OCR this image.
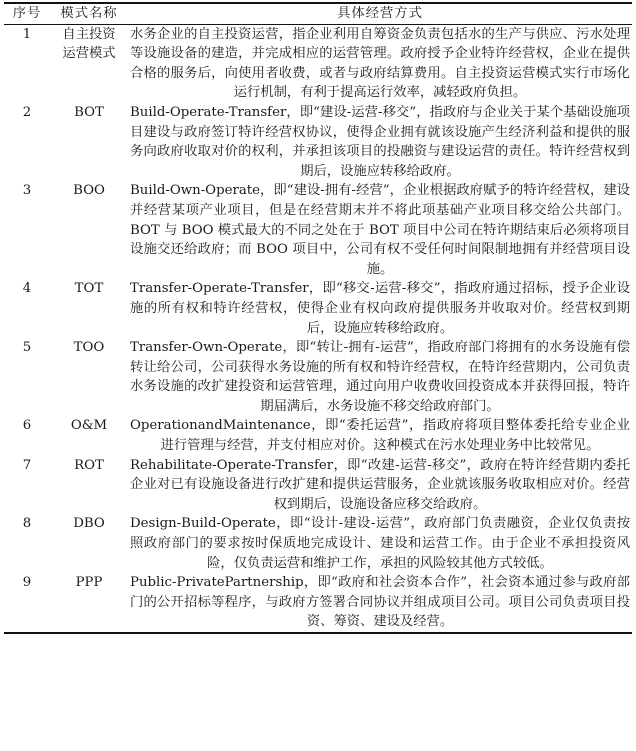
序号	模式名称	具体经营方式
1	自主投资运营模式	水务企业的自主投资运营，指企业利用自筹资金负责包括水的生产与供应、污水处理等设施设备的建造，并完成相应的运营管理。政府授予企业特许经营权，企业在提供合格的服务后，向使用者收费，或者与政府结算费用。自主投资运营模式实行市场化运行机制，有利于提高运行效率，减轻政府负担。
2	BOT	Build-Operate-Transfer，即“建设-运营-移交”，指政府与企业关于某个基础设施项目建设与政府签订特许经营权协议，使得企业拥有就该设施产生经济利益和提供的服务向政府收取对价的权利，并承担该项目的投融资与建设运营的责任。特许经营权到期后，设施应转移给政府。
3	BOO	Build-Own-Operate，即“建设-拥有-经营”，企业根据政府赋予的特许经营权，建设并经营某项产业项目，但是在经营期末并不将此项基础产业项目移交给公共部门。BOT 与 BOO 模式最大的不同之处在于 BOT 项目中公司在特许期结束后必须将项目设施交还给政府；而 BOO 项目中，公司有权不受任何时间限制地拥有并经营项目设施。
4	TOT	Transfer-Operate-Transfer，即“移交-运营-移交”，指政府通过招标，授予企业设施的所有权和特许经营权，使得企业有权向政府提供服务并收取对价。经营权到期后，设施应转移给政府。
5	TOO	Transfer-Own-Operate，即“转让-拥有-运营”，指政府部门将拥有的水务设施有偿转让给公司，公司获得水务设施的所有权和特许经营权，在特许经营期内，公司负责水务设施的改扩建投资和运营管理，通过向用户收费收回投资成本并获得回报，特许期届满后，水务设施不移交给政府部门。
6	O&M	OperationandMaintenance，即“委托运营”，指政府将项目整体委托给专业企业进行管理与经营，并支付相应对价。这种模式在污水处理业务中比较常见。
7	ROT	Rehabilitate-Operate-Transfer，即“改建-运营-移交”，政府在特许经营期内委托企业对已有设施设备进行改扩建和提供运营服务，企业就该服务收取相应对价。经营权到期后，设施设备应移交给政府。
8	DBO	Design-Build-Operate，即“设计-建设-运营”，政府部门负责融资，企业仅负责按照政府部门的要求按时保质地完成设计、建设和运营工作。由于企业不承担投资风险，仅负责运营和维护工作，承担的风险较其他方式较低。
9	PPP	Public-PrivatePartnership，即“政府和社会资本合作”，社会资本通过参与政府部门的公开招标等程序，与政府方签署合同协议并组成项目公司。项目公司负责项目投资、筹资、建设及经营。
